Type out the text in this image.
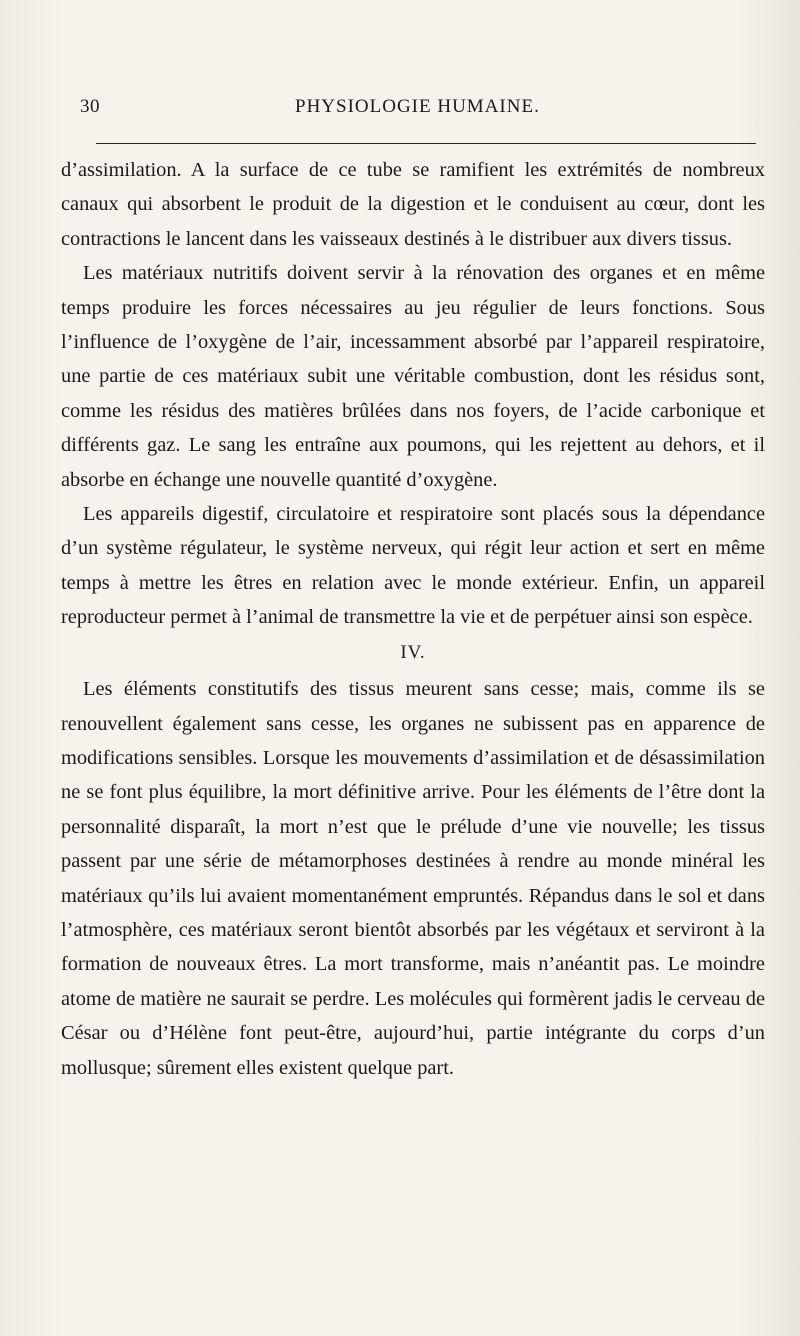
30	PHYSIOLOGIE HUMAINE.

d’assimilation. A la surface de ce tube se ramifient les extrémités de nombreux canaux qui absorbent le produit de la digestion et le conduisent au cœur, dont les contractions le lancent dans les vaisseaux destinés à le distribuer aux divers tissus.

Les matériaux nutritifs doivent servir à la rénovation des organes et en même temps produire les forces nécessaires au jeu régulier de leurs fonctions. Sous l’influence de l’oxygène de l’air, incessamment absorbé par l’appareil respiratoire, une partie de ces matériaux subit une véritable combustion, dont les résidus sont, comme les résidus des matières brûlées dans nos foyers, de l’acide carbonique et différents gaz. Le sang les entraîne aux poumons, qui les rejettent au dehors, et il absorbe en échange une nouvelle quantité d’oxygène.

Les appareils digestif, circulatoire et respiratoire sont placés sous la dépendance d’un système régulateur, le système nerveux, qui régit leur action et sert en même temps à mettre les êtres en relation avec le monde extérieur. Enfin, un appareil reproducteur permet à l’animal de transmettre la vie et de perpétuer ainsi son espèce.

IV.

Les éléments constitutifs des tissus meurent sans cesse; mais, comme ils se renouvellent également sans cesse, les organes ne subissent pas en apparence de modifications sensibles. Lorsque les mouvements d’assimilation et de désassimilation ne se font plus équilibre, la mort définitive arrive. Pour les éléments de l’être dont la personnalité disparaît, la mort n’est que le prélude d’une vie nouvelle; les tissus passent par une série de métamorphoses destinées à rendre au monde minéral les matériaux qu’ils lui avaient momentanément empruntés. Répandus dans le sol et dans l’atmosphère, ces matériaux seront bientôt absorbés par les végétaux et serviront à la formation de nouveaux êtres. La mort transforme, mais n’anéantit pas. Le moindre atome de matière ne saurait se perdre. Les molécules qui formèrent jadis le cerveau de César ou d’Hélène font peut-être, aujourd’hui, partie intégrante du corps d’un mollusque; sûrement elles existent quelque part.
